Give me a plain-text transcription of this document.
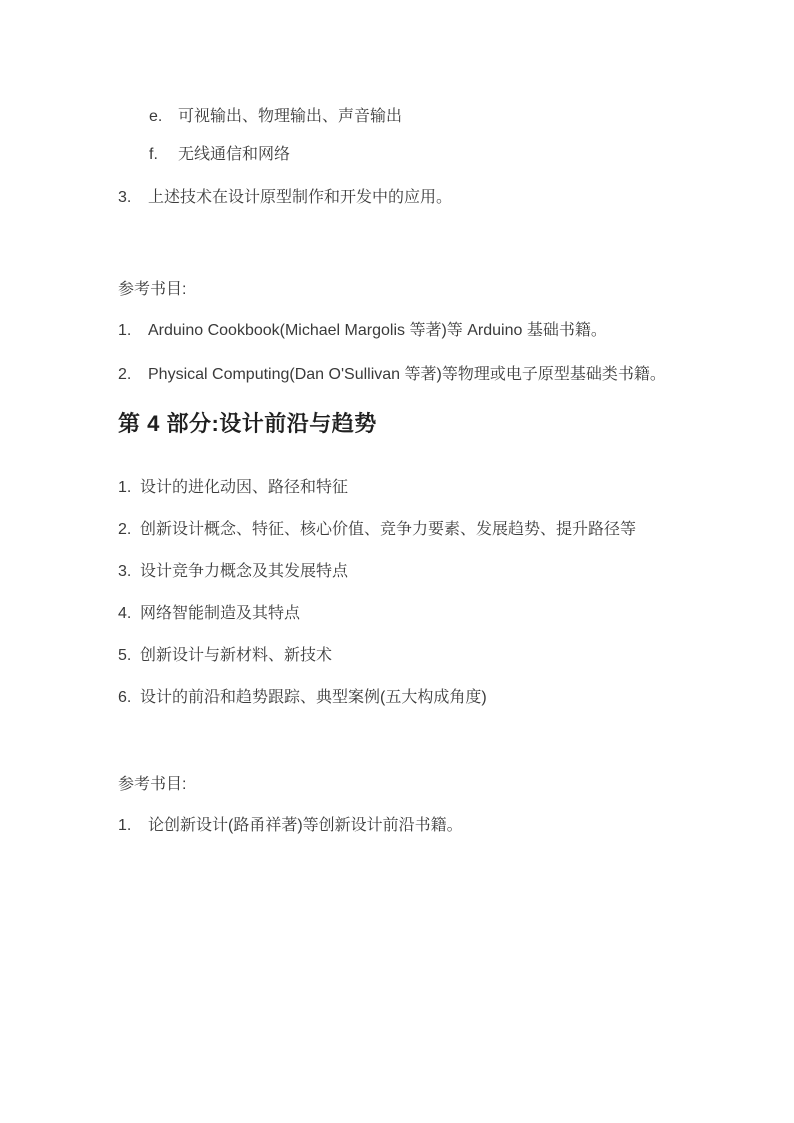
e. 可视输出、物理输出、声音输出
f.	无线通信和网络
3.	上述技术在设计原型制作和开发中的应用。

参考书目:

1.	Arduino Cookbook(Michael Margolis 等著)等 Arduino 基础书籍。
2.	Physical Computing(Dan O'Sullivan 等著)等物理或电子原型基础类书籍。
第 4 部分:设计前沿与趋势
1. 设计的进化动因、路径和特征
2. 创新设计概念、特征、核心价值、竞争力要素、发展趋势、提升路径等
3. 设计竞争力概念及其发展特点
4. 网络智能制造及其特点
5. 创新设计与新材料、新技术
6. 设计的前沿和趋势跟踪、典型案例(五大构成角度)

参考书目:

1.	论创新设计(路甬祥著)等创新设计前沿书籍。
